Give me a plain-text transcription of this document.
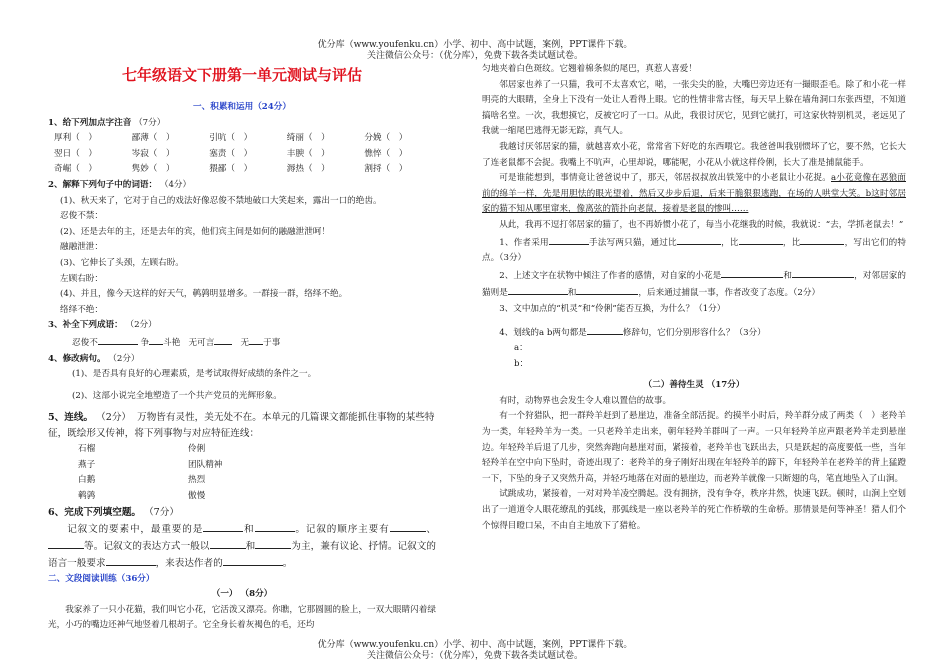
优分库（www.youfenku.cn）小学、初中、高中试题，案例，PPT课件下载。
关注微信公众号：（优分库），免费下载各类试题试卷。
七年级语文下册第一单元测试与评估
一、积累和运用（24分）
1、给下列加点字注音 （7分）
厚利（　）	鄙薄（　）	引吭（　）	绮丽（　）	分娩（　）
翌日（　）	岑寂（　）	塞责（　）	丰腴（　）	憔悴（　）
奇崛（　）	隽妙（　）	猥鄙（　）	溽热（　）	割捋（　）
2、解释下列句子中的词语： （4分）
(1)、秋天来了，它对于自己的戏法好像忍俊不禁地破口大笑起来，露出一口的绝齿。
忍俊不禁：
(2)、还是去年的主，还是去年的宾，他们宾主间是如何的融融泄泄呵！
融融泄泄：
(3)、它伸长了头颈，左顾右盼。
左顾右盼：
(4)、并且，像今天这样的好天气，鹌鹑明显增多。一群接一群，络绎不绝。
络绎不绝：
3、补全下列成语： （2分）
忍俊不	争 斗艳 无可言	无 于事
4、修改病句。 （2分）
(1)、是否具有良好的心理素质，是考试取得好成绩的条件之一。
(2)、这部小说完全地塑造了一个共产党员的光辉形象。
5、连线。 （2分） 万物皆有灵性，美无处不在。本单元的几篇课文都能抓住事物的某些特征，既绘形又传神，将下列事物与对应特征连线：
石榴	伶俐
燕子	团队精神
白鹅	热烈
鹌鹑	傲慢
6、完成下列填空题。 （7分）
记叙文的要素中，最重要的是	和	。记叙的顺序主要有	、等。记叙文的表达方式一般以	和	为主，兼有议论、抒情。记叙文的语言一般要求	，来表达作者的	。
二、文段阅读训练（36分）
（一） （8分）
我家养了一只小花猫，我们叫它小花，它活泼又漂亮。你瞧，它那圆圆的脸上，一双大眼睛闪着绿光，小巧的嘴边还神气地竖着几根胡子。它全身长着灰褐色的毛，还均
匀地夹着白色斑纹。它翘着棉条似的尾巴，真惹人喜爱！
邻居家也养了一只猫，我可不太喜欢它，喏，一张尖尖的脸，大嘴巴旁边还有一撮眼歪毛。除了和小花一样明亮的大眼睛，全身上下没有一处让人看得上眼。它的性情非常古怪，每天早上躲在墙角洞口东张西望，不知道搞啥名堂。一次，我想摸它，反被它叼了一口。从此，我很讨厌它，见到它就打，可这家伙特别机灵，老远见了我就一缩尾巴逃得无影无踪，真气人。
我越讨厌邻居家的猫，就越喜欢小花，常常省下好吃的东西喂它。我爸爸叫我别惯坏了它，要不然，它长大了连老鼠都不会捉。我嘴上不吭声，心里却说，哪能呢，小花从小就这样伶俐，长大了准是捕鼠能手。
可是谁能想到，事情竟让爸爸说中了，那天，邻居叔叔放出铁笼中的小老鼠让小花捉。a小花竟像在恶狼面前的绵羊一样，先是用胆怯的眼光望着，然后又步步后退，后来干脆狠狠逃跑，在场的人哄堂大笑。b这时邻居家的猫不知从哪里窜来，像离弦的箭扑向老鼠，接着是老鼠的惨叫……
从此，我再不逗打邻居家的猫了，也不再娇惯小花了，每当小花继我的时候，我就说：“去，学抓老鼠去！”
1、作者采用	手法写两只猫，通过比	，比	，比	，写出它们的特点。（3分）
2、上述文字在状物中倾注了作者的感情，对自家的小花是	和	，对邻居家的猫则是	和	，后来通过捕鼠一事，作者改变了态度。（2分）
3、文中加点的“机灵”和“伶俐”能否互换，为什么？（1分）
4、划线的a b两句都是	修辞句，它们分别形容什么？（3分）
a：
b：
（二）善待生灵 （17分）
有时，动物界也会发生令人难以置信的故事。
有一个狩猎队，把一群羚羊赶到了悬崖边，准备全部活捉。约摸半小时后，羚羊群分成了两类（　）老羚羊为一类，年轻羚羊为一类。一只老羚羊走出来，朝年轻羚羊群叫了一声。一只年轻羚羊应声跟老羚羊走到悬崖边。年轻羚羊后退了几步，突然奔跑向悬崖对面，紧接着，老羚羊也飞跃出去，只是跃起的高度要低一些，当年轻羚羊在空中向下坠时，奇迹出现了：老羚羊的身子刚好出现在年轻羚羊的蹄下，年轻羚羊在老羚羊的背上猛蹬一下，下坠的身子又突然升高，并轻巧地落在对面的悬崖边，而老羚羊就像一只断翅的鸟，笔直地坠入了山涧。
试跳成功，紧接着，一对对羚羊凌空腾起。没有拥挤，没有争夺，秩序井然，快速飞跃。顿时，山涧上空划出了一道道令人眼花缭乱的弧线，那弧线是一座以老羚羊的死亡作桥墩的生命桥。那情景是何等神圣！猎人们个个惊得目瞪口呆，不由自主地放下了猎枪。
优分库（www.youfenku.cn）小学、初中、高中试题，案例，PPT课件下载。
关注微信公众号：（优分库），免费下载各类试题试卷。
